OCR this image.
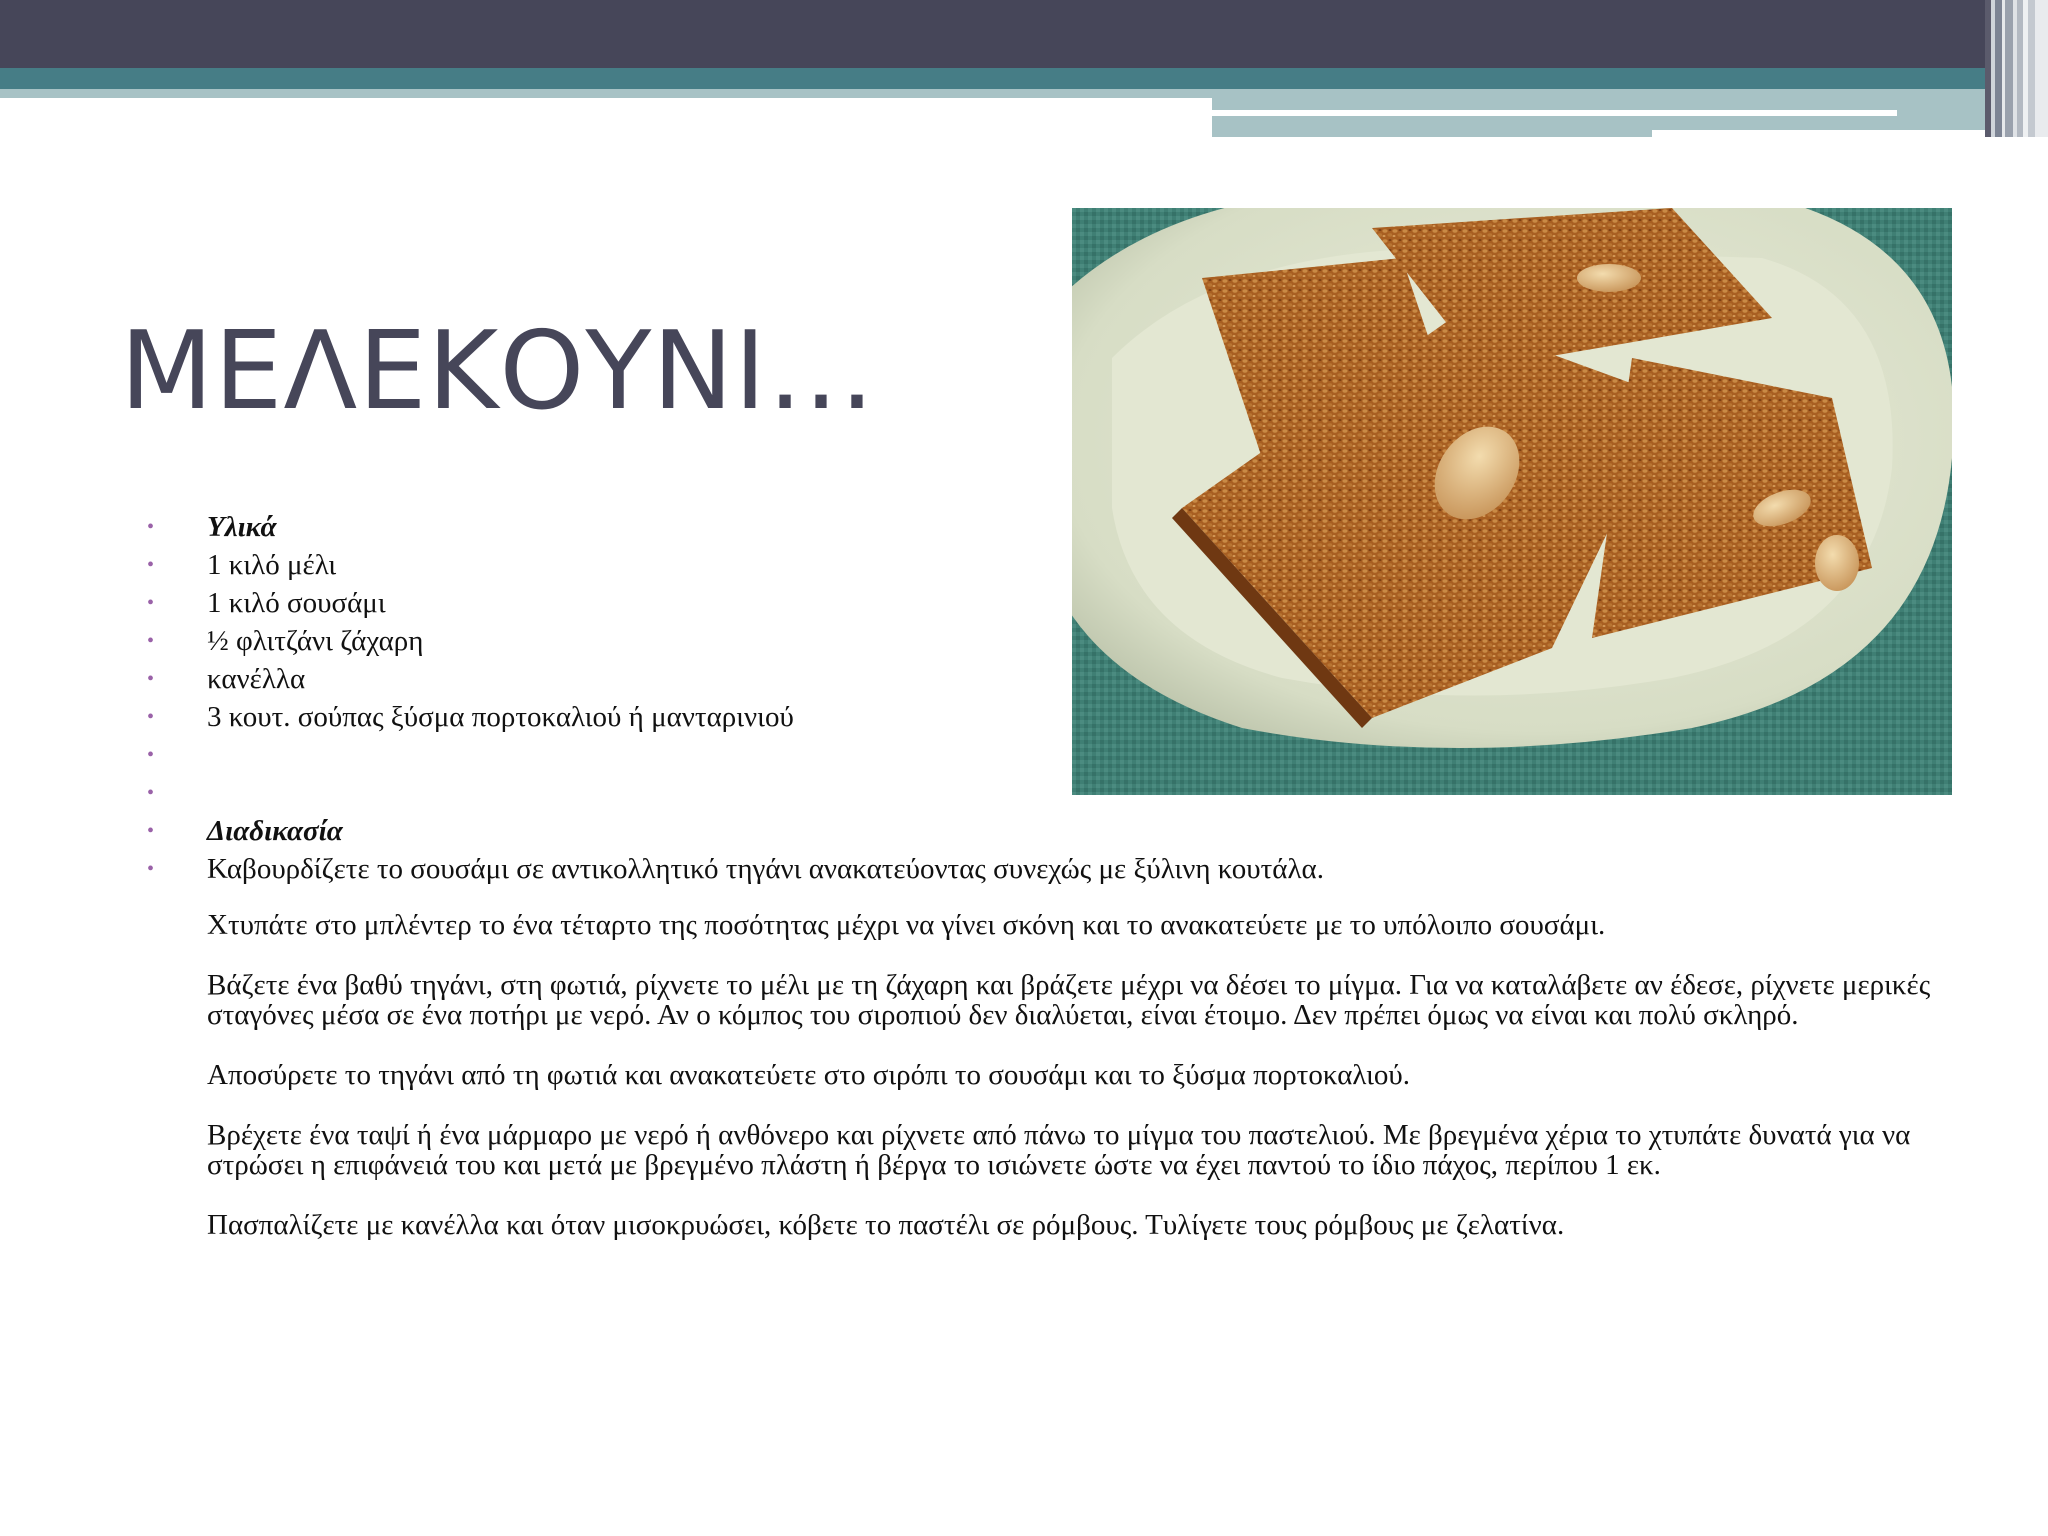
ΜΕΛΕΚΟΥΝΙ…
•	Υλικά
•	1 κιλό μέλι
•	1 κιλό σουσάμι
•	½ φλιτζάνι ζάχαρη
•	κανέλλα
•	3 κουτ. σούπας ξύσμα πορτοκαλιού ή μανταρινιού
•

•

•	Διαδικασία
•	Καβουρδίζετε το σουσάμι σε αντικολλητικό τηγάνι ανακατεύοντας συνεχώς με ξύλινη κουτάλα.

Χτυπάτε στο μπλέντερ το ένα τέταρτο της ποσότητας μέχρι να γίνει σκόνη και το ανακατεύετε με το υπόλοιπο σουσάμι.

Βάζετε ένα βαθύ τηγάνι, στη φωτιά, ρίχνετε το μέλι με τη ζάχαρη και βράζετε μέχρι να δέσει το μίγμα. Για να καταλάβετε αν έδεσε, ρίχνετε μερικές σταγόνες μέσα σε ένα ποτήρι με νερό. Αν ο κόμπος του σιροπιού δεν διαλύεται, είναι έτοιμο. Δεν πρέπει όμως να είναι και πολύ σκληρό.

Αποσύρετε το τηγάνι από τη φωτιά και ανακατεύετε στο σιρόπι το σουσάμι και το ξύσμα πορτοκαλιού.

Βρέχετε ένα ταψί ή ένα μάρμαρο με νερό ή ανθόνερο και ρίχνετε από πάνω το μίγμα του παστελιού. Με βρεγμένα χέρια το χτυπάτε δυνατά για να στρώσει η επιφάνειά του και μετά με βρεγμένο πλάστη ή βέργα το ισιώνετε ώστε να έχει παντού το ίδιο πάχος, περίπου 1 εκ.

Πασπαλίζετε με κανέλλα και όταν μισοκρυώσει, κόβετε το παστέλι σε ρόμβους. Τυλίγετε τους ρόμβους με ζελατίνα.
